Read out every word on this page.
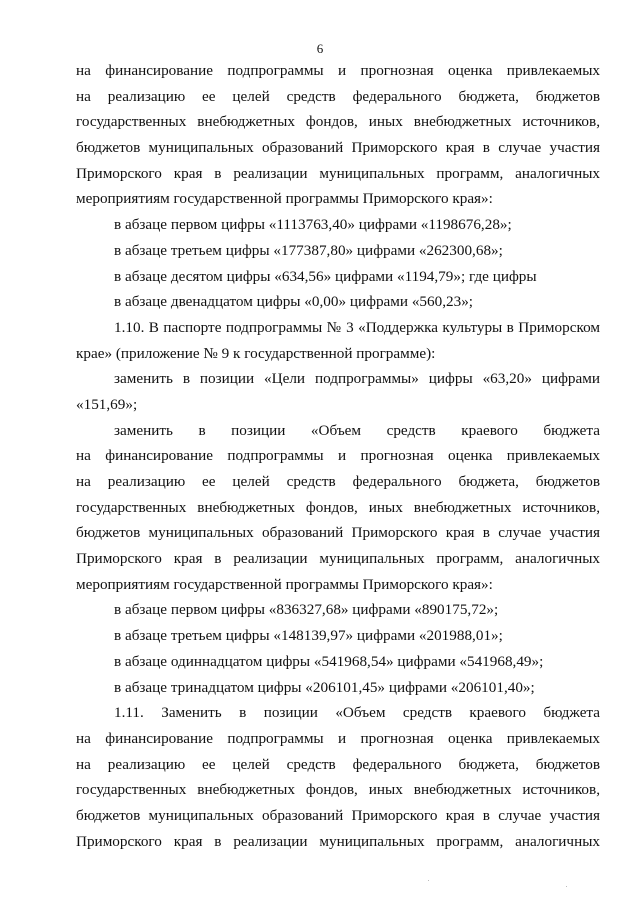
6
на финансирование подпрограммы и прогнозная оценка привлекаемых
на реализацию ее целей средств федерального бюджета, бюджетов
государственных внебюджетных фондов, иных внебюджетных источников,
бюджетов муниципальных образований Приморского края в случае участия
Приморского края в реализации муниципальных программ, аналогичных
мероприятиям государственной программы Приморского края»:
в абзаце первом цифры «1113763,40» цифрами «1198676,28»;
в абзаце третьем цифры «177387,80» цифрами «262300,68»;
в абзаце десятом цифры «634,56» цифрами «1194,79»; где цифры
в абзаце двенадцатом цифры «0,00» цифрами «560,23»;
1.10. В паспорте подпрограммы № 3 «Поддержка культуры в Приморском
крае» (приложение № 9 к государственной программе):
заменить в позиции «Цели подпрограммы» цифры «63,20» цифрами
«151,69»;
заменить в позиции «Объем средств краевого бюджета
на финансирование подпрограммы и прогнозная оценка привлекаемых
на реализацию ее целей средств федерального бюджета, бюджетов
государственных внебюджетных фондов, иных внебюджетных источников,
бюджетов муниципальных образований Приморского края в случае участия
Приморского края в реализации муниципальных программ, аналогичных
мероприятиям государственной программы Приморского края»:
в абзаце первом цифры «836327,68» цифрами «890175,72»;
в абзаце третьем цифры «148139,97» цифрами «201988,01»;
в абзаце одиннадцатом цифры «541968,54» цифрами «541968,49»;
в абзаце тринадцатом цифры «206101,45» цифрами «206101,40»;
1.11. Заменить в позиции «Объем средств краевого бюджета
на финансирование подпрограммы и прогнозная оценка привлекаемых
на реализацию ее целей средств федерального бюджета, бюджетов
государственных внебюджетных фондов, иных внебюджетных источников,
бюджетов муниципальных образований Приморского края в случае участия
Приморского края в реализации муниципальных программ, аналогичных
